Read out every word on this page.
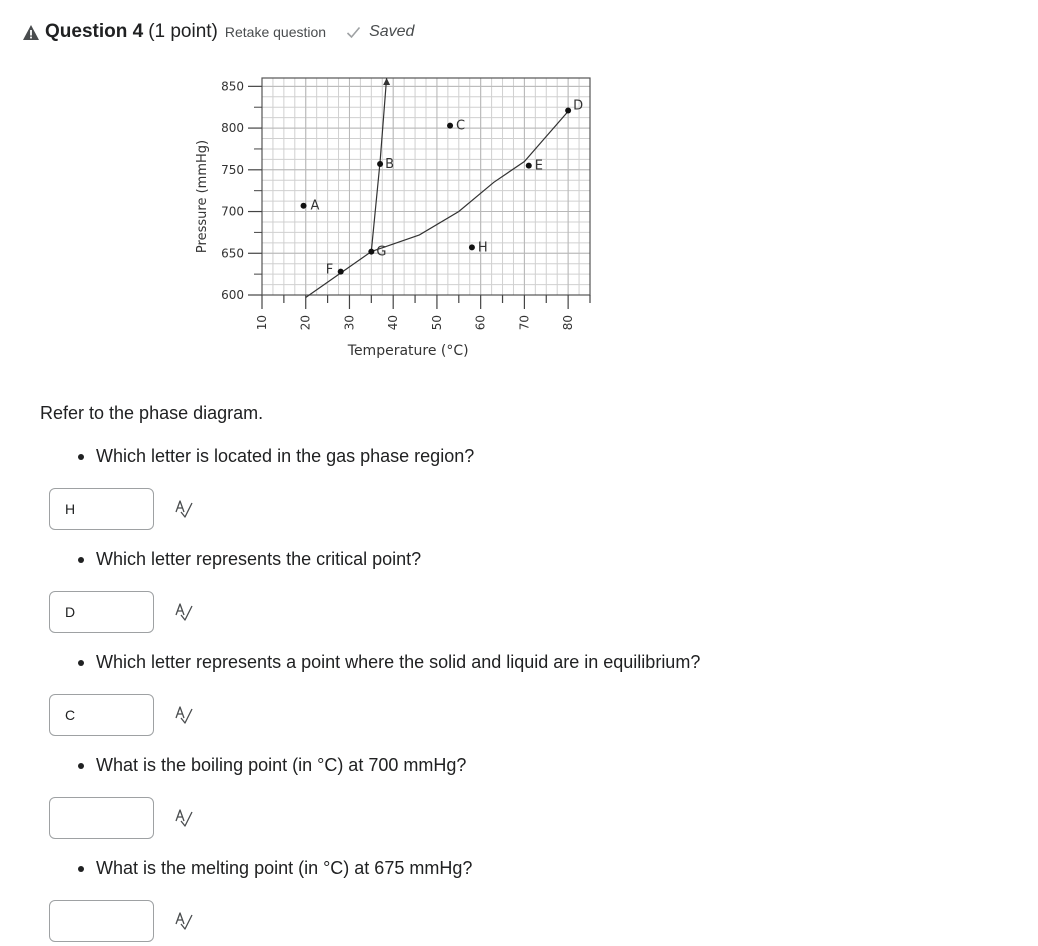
Question 4 (1 point) Retake question	Saved
600
650
700
750
800
850
10 20 30 40 50 60 70 80
Temperature (°C)
Pressure (mmHg)	A
B
C
D
E
F
G	H
Refer to the phase diagram.
Which letter is located in the gas phase region?
H
Which letter represents the critical point?
D
Which letter represents a point where the solid and liquid are in equilibrium?
C
What is the boiling point (in °C) at 700 mmHg?
What is the melting point (in °C) at 675 mmHg?
